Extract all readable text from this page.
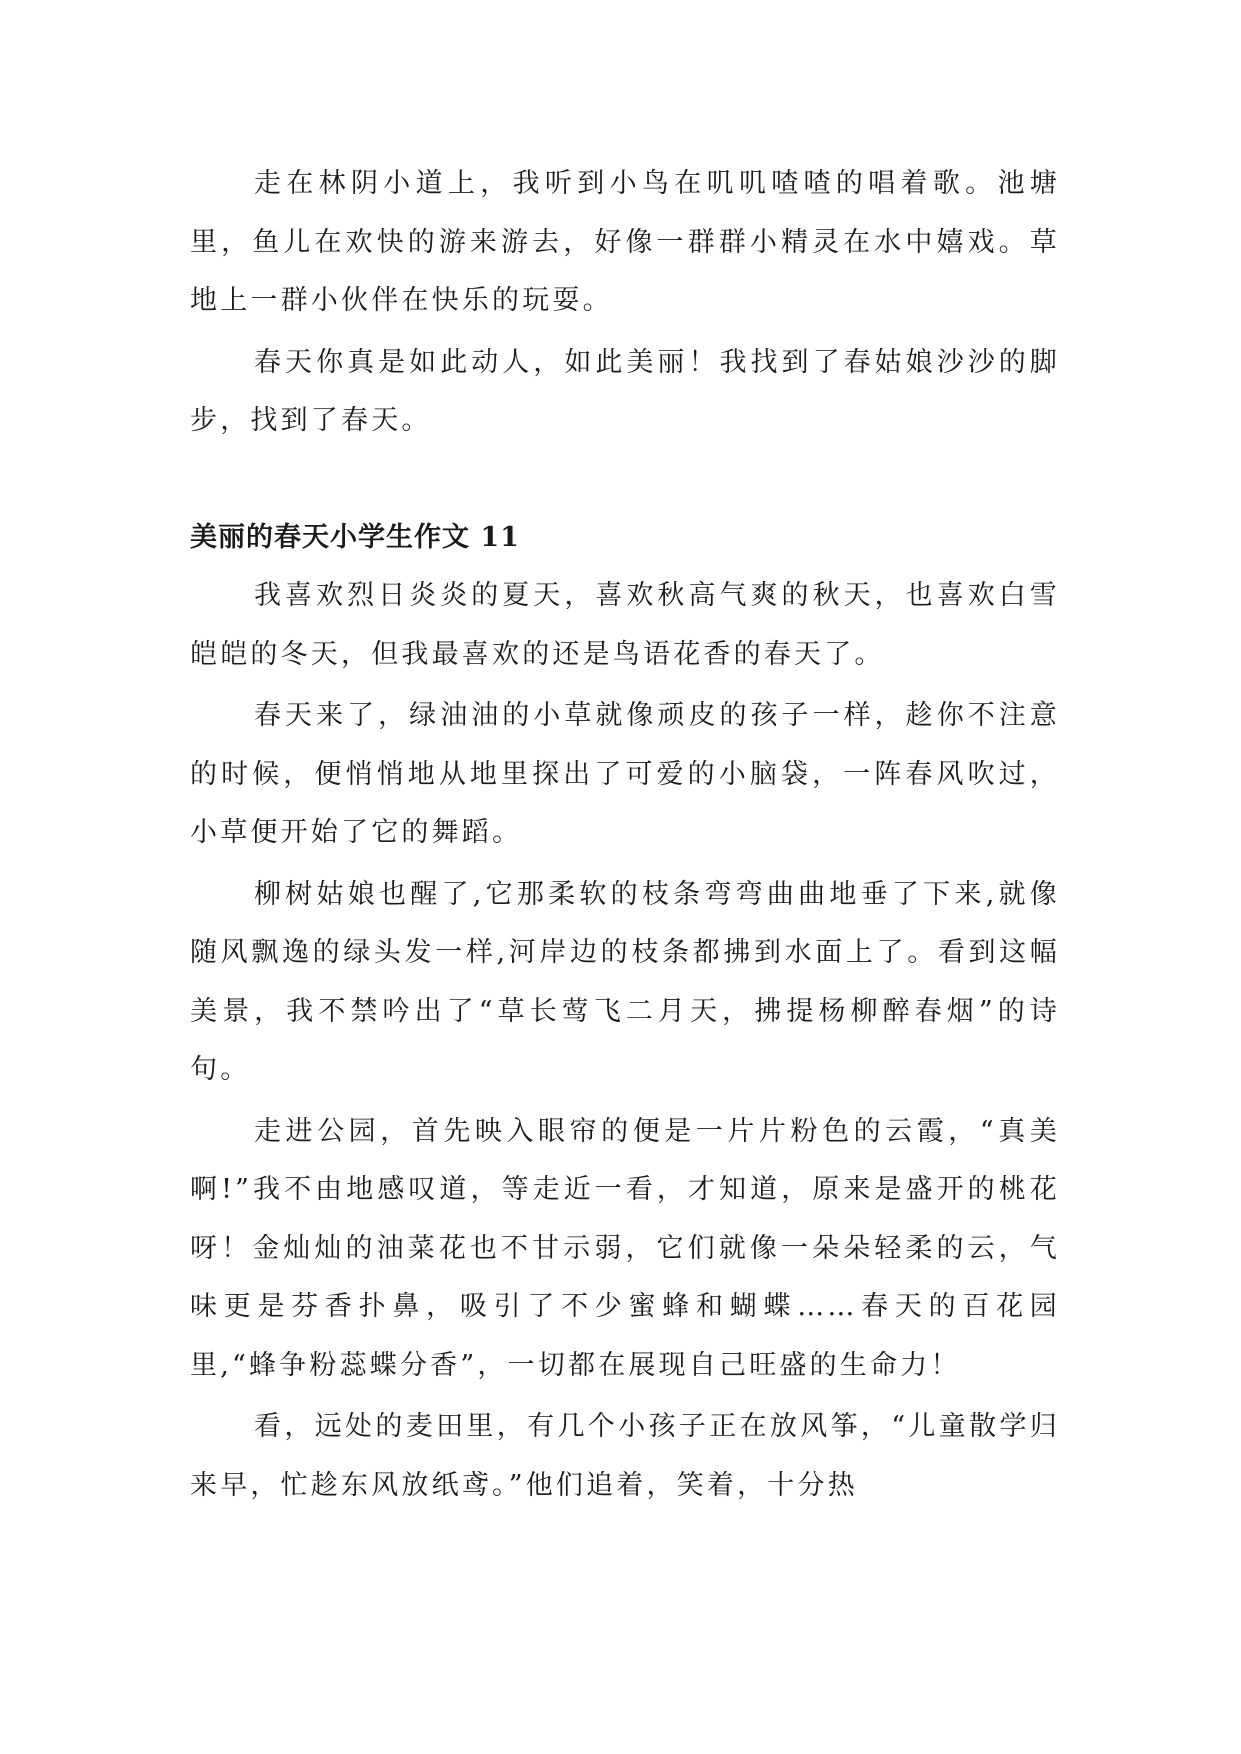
走在林阴小道上，我听到小鸟在叽叽喳喳的唱着歌。池塘里，鱼儿在欢快的游来游去，好像一群群小精灵在水中嬉戏。草地上一群小伙伴在快乐的玩耍。

春天你真是如此动人，如此美丽！我找到了春姑娘沙沙的脚步，找到了春天。

美丽的春天小学生作文 11

我喜欢烈日炎炎的夏天，喜欢秋高气爽的秋天，也喜欢白雪皑皑的冬天，但我最喜欢的还是鸟语花香的春天了。

春天来了，绿油油的小草就像顽皮的孩子一样，趁你不注意的时候，便悄悄地从地里探出了可爱的小脑袋，一阵春风吹过，小草便开始了它的舞蹈。

柳树姑娘也醒了,它那柔软的枝条弯弯曲曲地垂了下来,就像随风飘逸的绿头发一样,河岸边的枝条都拂到水面上了。看到这幅美景，我不禁吟出了“草长莺飞二月天，拂提杨柳醉春烟”的诗句。

走进公园，首先映入眼帘的便是一片片粉色的云霞，“真美啊!”我不由地感叹道，等走近一看，才知道，原来是盛开的桃花呀！金灿灿的油菜花也不甘示弱，它们就像一朵朵轻柔的云，气味更是芬香扑鼻，吸引了不少蜜蜂和蝴蝶……春天的百花园里,“蜂争粉蕊蝶分香”，一切都在展现自己旺盛的生命力！

看，远处的麦田里，有几个小孩子正在放风筝，“儿童散学归来早，忙趁东风放纸鸢。”他们追着，笑着，十分热
